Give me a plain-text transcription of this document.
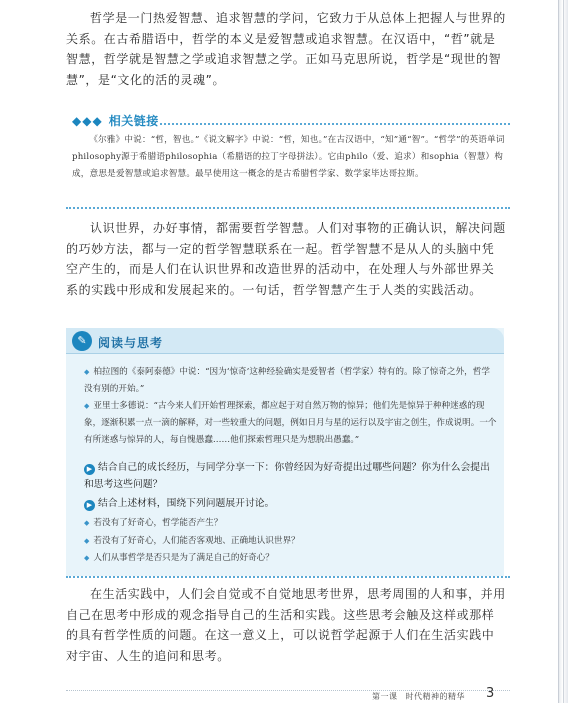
哲学是一门热爱智慧、追求智慧的学问，它致力于从总体上把握人与世界的关系。在古希腊语中，哲学的本义是爱智慧或追求智慧。在汉语中，“哲”就是智慧，哲学就是智慧之学或追求智慧之学。正如马克思所说，哲学是“现世的智慧”，是“文化的活的灵魂”。

◆◆◆ 相关链接

《尔雅》中说：“哲，智也。”《说文解字》中说：“哲，知也。”在古汉语中，“知”通“智”。“哲学”的英语单词philosophy源于希腊语philosophia（希腊语的拉丁字母拼法）。它由philo（爱、追求）和sophia（智慧）构成，意思是爱智慧或追求智慧。最早使用这一概念的是古希腊哲学家、数学家毕达哥拉斯。

认识世界，办好事情，都需要哲学智慧。人们对事物的正确认识，解决问题的巧妙方法，都与一定的哲学智慧联系在一起。哲学智慧不是从人的头脑中凭空产生的，而是人们在认识世界和改造世界的活动中，在处理人与外部世界关系的实践中形成和发展起来的。一句话，哲学智慧产生于人类的实践活动。

✎ 阅读与思考

◆ 柏拉图的《泰阿泰德》中说：“因为‘惊奇’这种经验确实是爱智者（哲学家）特有的。除了惊奇之外，哲学没有别的开始。”

◆ 亚里士多德说：“古今来人们开始哲理探索，都应起于对自然万物的惊异；他们先是惊异于种种迷惑的现象，逐渐积累一点一滴的解释，对一些较重大的问题，例如日月与星的运行以及宇宙之创生，作成说明。一个有所迷惑与惊异的人，每自愧愚蠢……他们探索哲理只是为想脱出愚蠢。”

▶ 结合自己的成长经历，与同学分享一下：你曾经因为好奇提出过哪些问题？你为什么会提出和思考这些问题？

▶ 结合上述材料，围绕下列问题展开讨论。

◆ 若没有了好奇心，哲学能否产生？

◆ 若没有了好奇心，人们能否客观地、正确地认识世界？

◆ 人们从事哲学是否只是为了满足自己的好奇心？

在生活实践中，人们会自觉或不自觉地思考世界，思考周围的人和事，并用自己在思考中形成的观念指导自己的生活和实践。这些思考会触及这样或那样的具有哲学性质的问题。在这一意义上，可以说哲学起源于人们在生活实践中对宇宙、人生的追问和思考。

第一课 时代精神的精华 3
